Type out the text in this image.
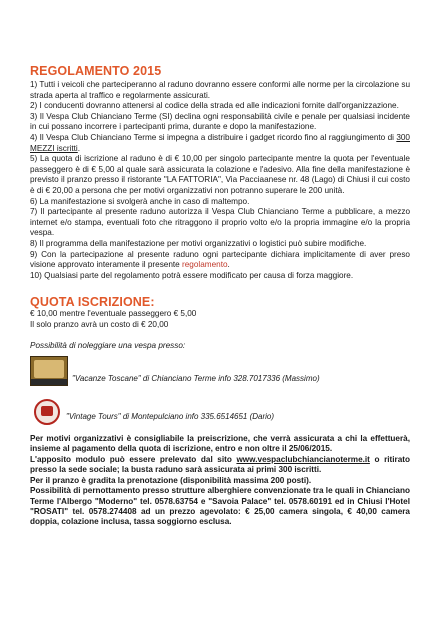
REGOLAMENTO 2015
1) Tutti i veicoli che parteciperanno al raduno dovranno essere conformi alle norme per la circolazione su strada aperta al traffico e regolarmente assicurati.
2) I conducenti dovranno attenersi al codice della strada ed alle indicazioni fornite dall'organizzazione.
3) Il Vespa Club Chianciano Terme (SI) declina ogni responsabilità civile e penale per qualsiasi incidente in cui possano incorrere i partecipanti prima, durante e dopo la manifestazione.
4) Il Vespa Club Chianciano Terme si impegna a distribuire i gadget ricordo fino al raggiungimento di 300 MEZZI iscritti.
5) La quota di iscrizione al raduno è di € 10,00 per singolo partecipante mentre la quota per l'eventuale passeggero è di € 5,00 al quale sarà assicurata la colazione e l'adesivo. Alla fine della manifestazione è previsto il pranzo presso il ristorante "LA FATTORIA", Via Pacciaanese nr. 48 (Lago) di Chiusi il cui costo è di € 20,00 a persona che per motivi organizzativi non potranno superare le 200 unità.
6) La manifestazione si svolgerà anche in caso di maltempo.
7) Il partecipante al presente raduno autorizza il Vespa Club Chianciano Terme a pubblicare, a mezzo internet e/o stampa, eventuali foto che ritraggono il proprio volto e/o la propria immagine e/o la propria vespa.
8) Il programma della manifestazione per motivi organizzativi o logistici può subire modifiche.
9) Con la partecipazione al presente raduno ogni partecipante dichiara implicitamente di aver preso visione approvato interamente il presente regolamento.
10) Qualsiasi parte del regolamento potrà essere modificato per causa di forza maggiore.
QUOTA ISCRIZIONE:
€ 10,00 mentre l'eventuale passeggero € 5,00
Il solo pranzo avrà un costo di € 20,00
Possibilità di noleggiare una vespa presso:
"Vacanze Toscane" di Chianciano Terme info 328.7017336 (Massimo)
"Vintage Tours" di Montepulciano info 335.6514651 (Dario)

Per motivi organizzativi è consigliabile la preiscrizione, che verrà assicurata a chi la effettuerà, insieme al pagamento della quota di iscrizione, entro e non oltre il 25/06/2015.

L'apposito modulo può essere prelevato dal sito www.vespaclubchiancianoterme.it o ritirato presso la sede sociale; la busta raduno sarà assicurata ai primi 300 iscritti.

Per il pranzo è gradita la prenotazione (disponibilità massima 200 posti).

Possibilità di pernottamento presso strutture alberghiere convenzionate tra le quali in Chianciano Terme l'Albergo "Moderno" tel. 0578.63754 e "Savoia Palace" tel. 0578.60191 ed in Chiusi l'Hotel "ROSATI" tel. 0578.274408 ad un prezzo agevolato: € 25,00 camera singola, € 40,00 camera doppia, colazione inclusa, tassa soggiorno esclusa.
